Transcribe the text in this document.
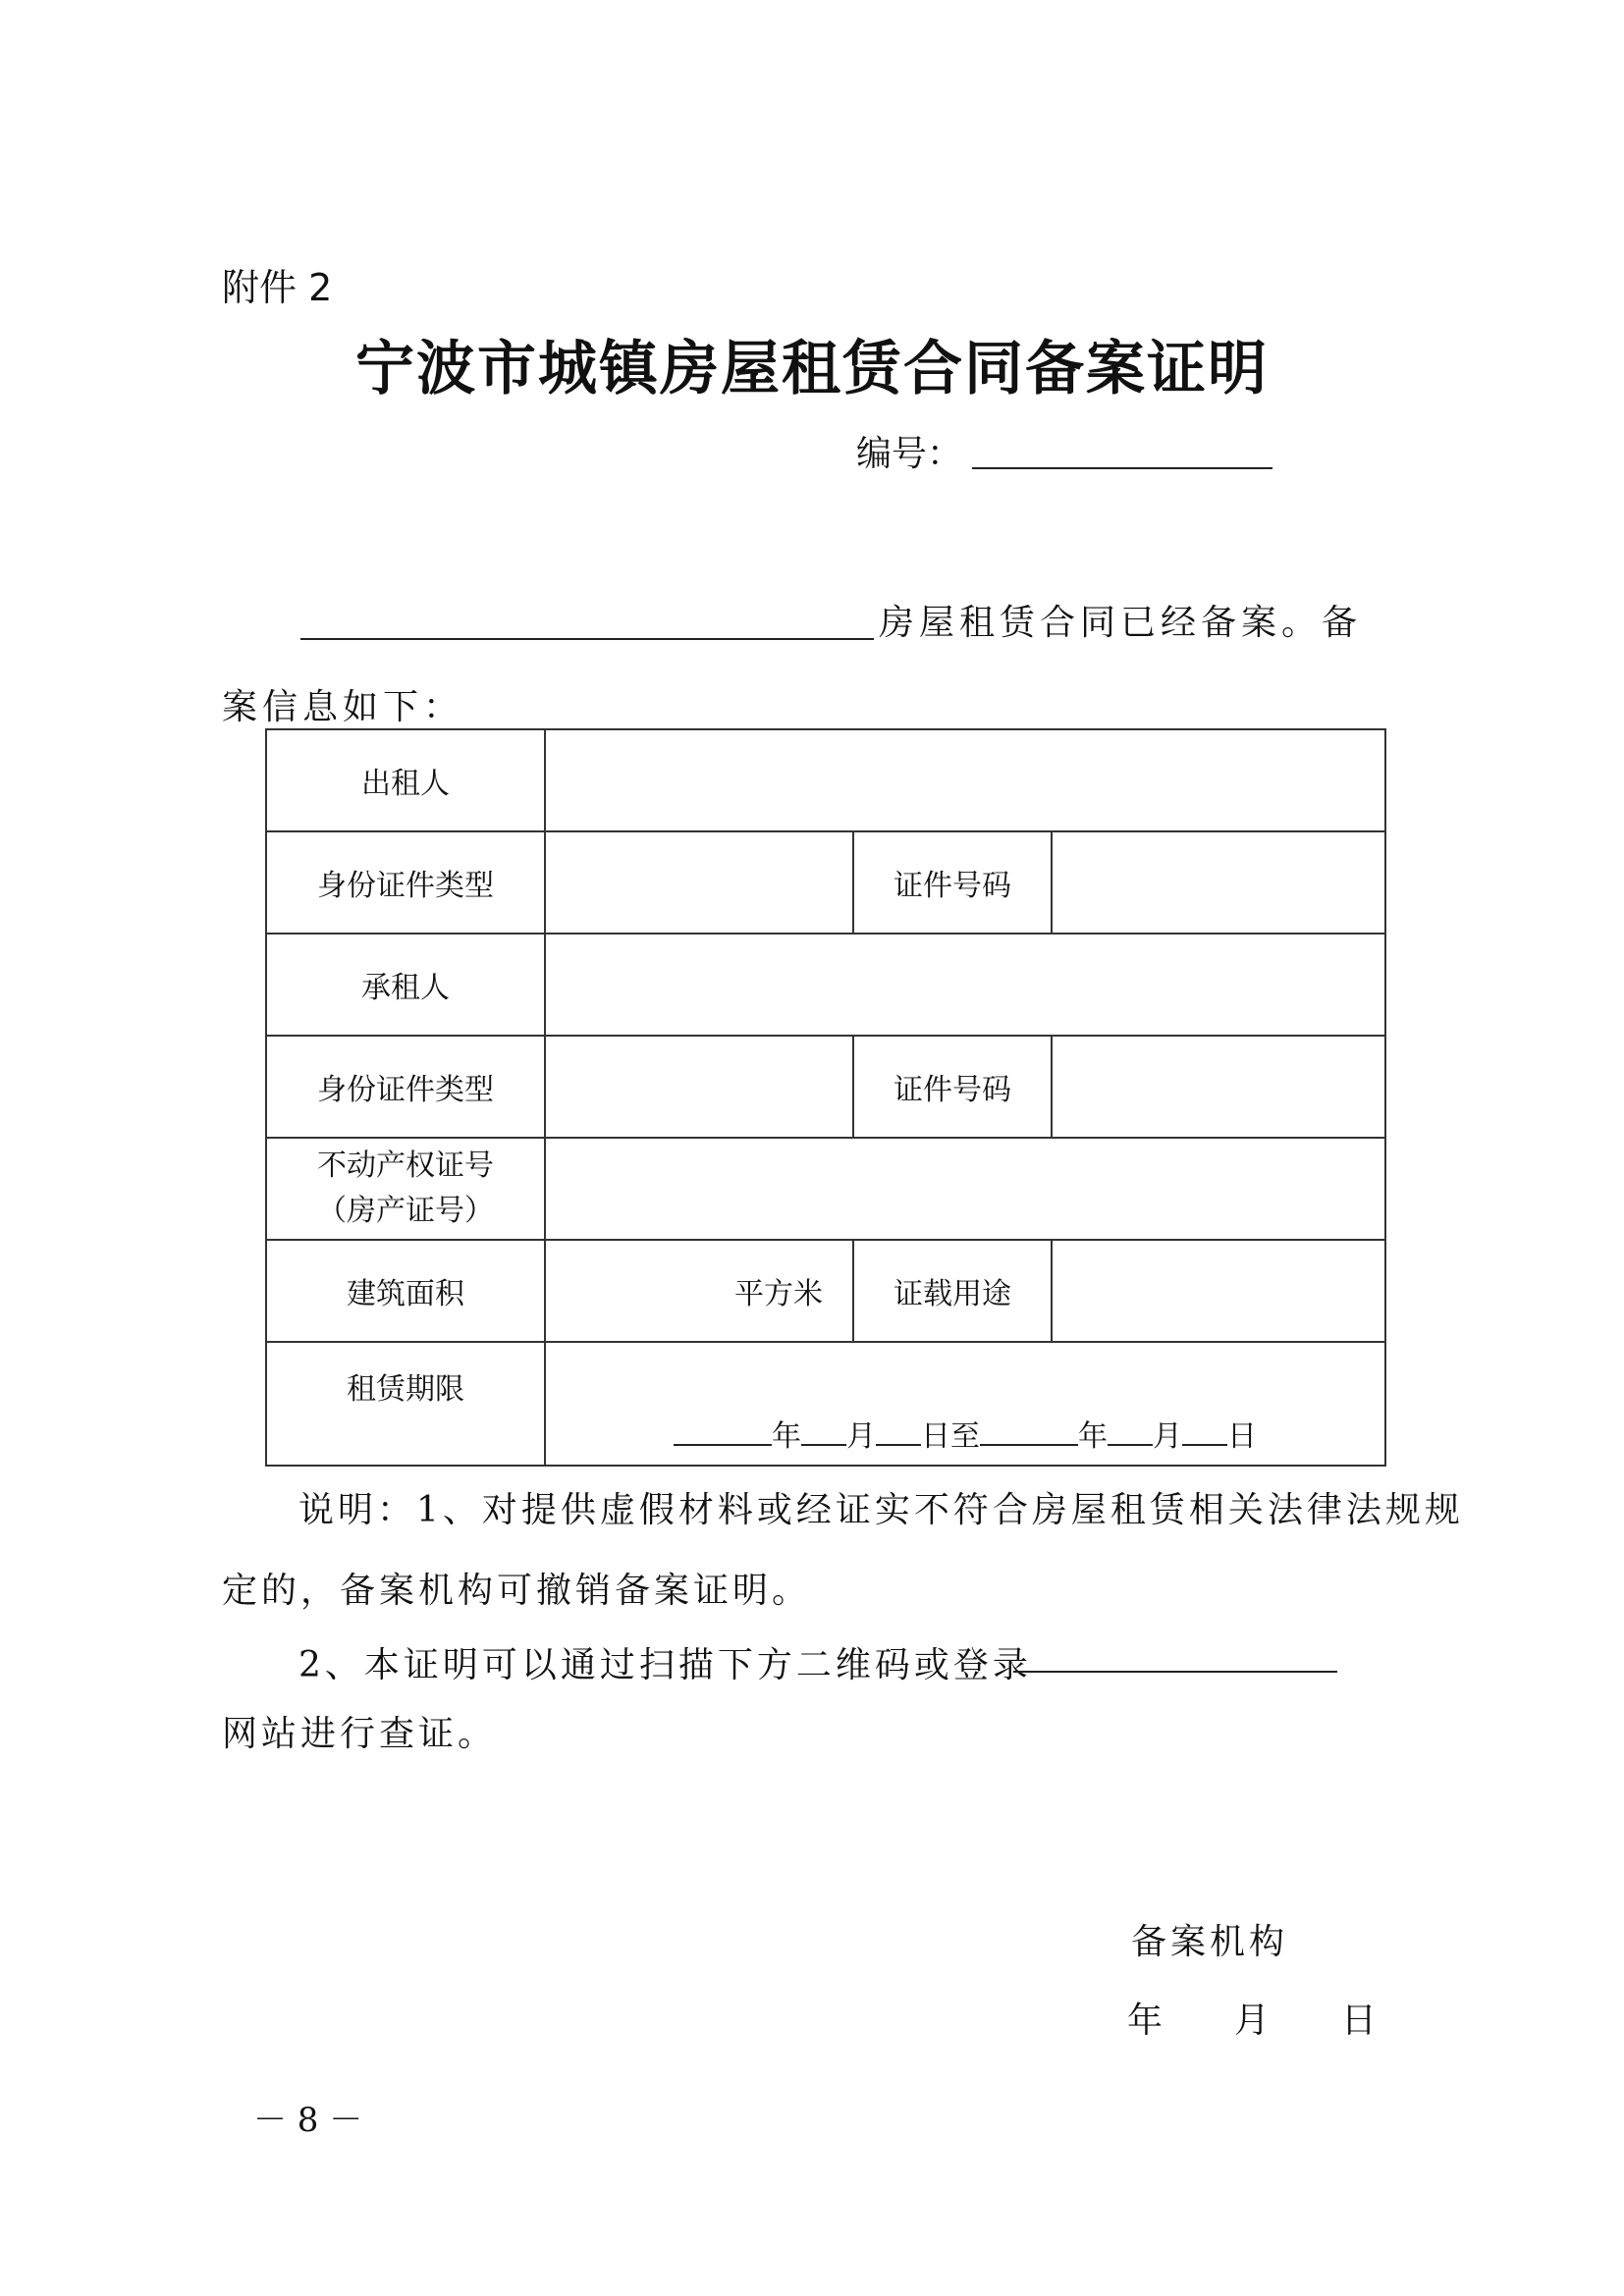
附件 2
宁波市城镇房屋租赁合同备案证明
编号：
房屋租赁合同已经备案。备
案信息如下：
出租人			
身份证件类型		证件号码	
承租人			
身份证件类型		证件号码	

不动产权证号
（房产证号）			

建筑面积	平方米	证载用途	
租赁期限	年 月 日至 年 月 日		
说明：1、对提供虚假材料或经证实不符合房屋租赁相关法律法规规
定的，备案机构可撤销备案证明。
2、本证明可以通过扫描下方二维码或登录
网站进行查证。
备案机构
年 月 日
－ 8 －
